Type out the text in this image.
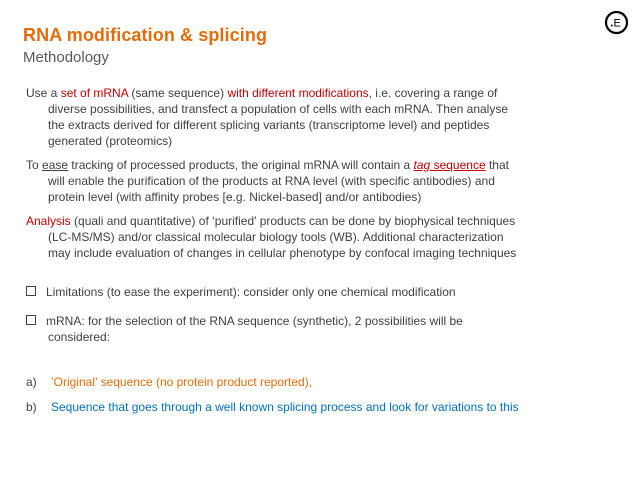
RNA modification & splicing
Methodology
E
Use a set of mRNA (same sequence) with different modifications, i.e. covering a range of
diverse possibilities, and transfect a population of cells with each mRNA. Then analyse
the extracts derived for different splicing variants (transcriptome level) and peptides
generated (proteomics)
To ease tracking of processed products, the original mRNA will contain a tag sequence that
will enable the purification of the products at RNA level (with specific antibodies) and
protein level (with affinity probes [e.g. Nickel-based] and/or antibodies)
Analysis (quali and quantitative) of ‘purified’ products can be done by biophysical techniques
(LC-MS/MS) and/or classical molecular biology tools (WB). Additional characterization
may include evaluation of changes in cellular phenotype by confocal imaging techniques
Limitations (to ease the experiment): consider only one chemical modification
mRNA: for the selection of the RNA sequence (synthetic), 2 possibilities will be
considered:
a) ’Original’ sequence (no protein product reported),
b) Sequence that goes through a well known splicing process and look for variations to this
